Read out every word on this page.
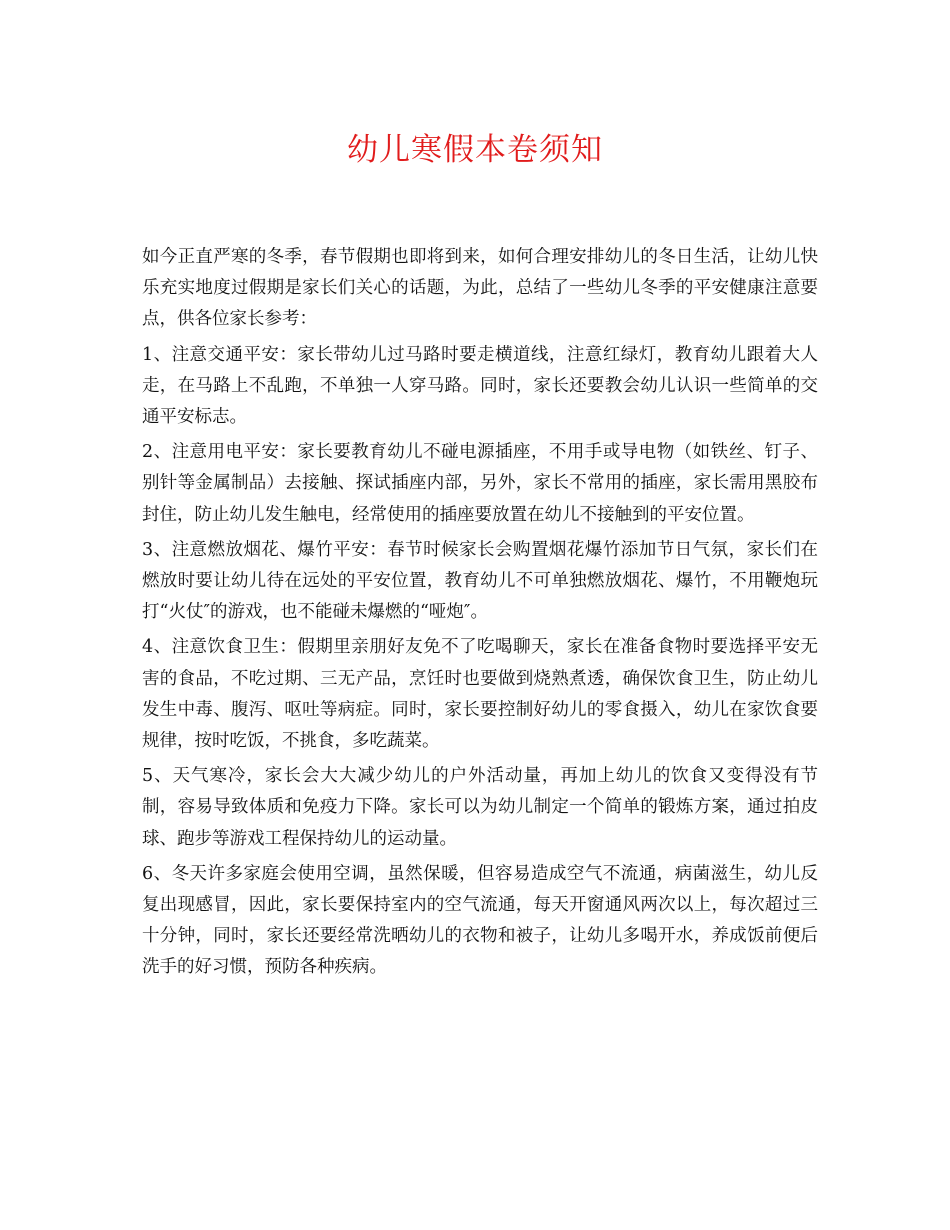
幼儿寒假本卷须知

如今正直严寒的冬季，春节假期也即将到来，如何合理安排幼儿的冬日生活，让幼儿快乐充实地度过假期是家长们关心的话题，为此，总结了一些幼儿冬季的平安健康注意要点，供各位家长参考：

1、注意交通平安：家长带幼儿过马路时要走横道线，注意红绿灯，教育幼儿跟着大人走，在马路上不乱跑，不单独一人穿马路。同时，家长还要教会幼儿认识一些简单的交通平安标志。

2、注意用电平安：家长要教育幼儿不碰电源插座，不用手或导电物（如铁丝、钉子、别针等金属制品）去接触、探试插座内部，另外，家长不常用的插座，家长需用黑胶布封住，防止幼儿发生触电，经常使用的插座要放置在幼儿不接触到的平安位置。

3、注意燃放烟花、爆竹平安：春节时候家长会购置烟花爆竹添加节日气氛，家长们在燃放时要让幼儿待在远处的平安位置，教育幼儿不可单独燃放烟花、爆竹，不用鞭炮玩打“火仗″的游戏，也不能碰未爆燃的“哑炮″。

4、注意饮食卫生：假期里亲朋好友免不了吃喝聊天，家长在准备食物时要选择平安无害的食品，不吃过期、三无产品，烹饪时也要做到烧熟煮透，确保饮食卫生，防止幼儿发生中毒、腹泻、呕吐等病症。同时，家长要控制好幼儿的零食摄入，幼儿在家饮食要规律，按时吃饭，不挑食，多吃蔬菜。

5、天气寒冷，家长会大大减少幼儿的户外活动量，再加上幼儿的饮食又变得没有节制，容易导致体质和免疫力下降。家长可以为幼儿制定一个简单的锻炼方案，通过拍皮球、跑步等游戏工程保持幼儿的运动量。

6、冬天许多家庭会使用空调，虽然保暖，但容易造成空气不流通，病菌滋生，幼儿反复出现感冒，因此，家长要保持室内的空气流通，每天开窗通风两次以上，每次超过三十分钟，同时，家长还要经常洗晒幼儿的衣物和被子，让幼儿多喝开水，养成饭前便后洗手的好习惯，预防各种疾病。
